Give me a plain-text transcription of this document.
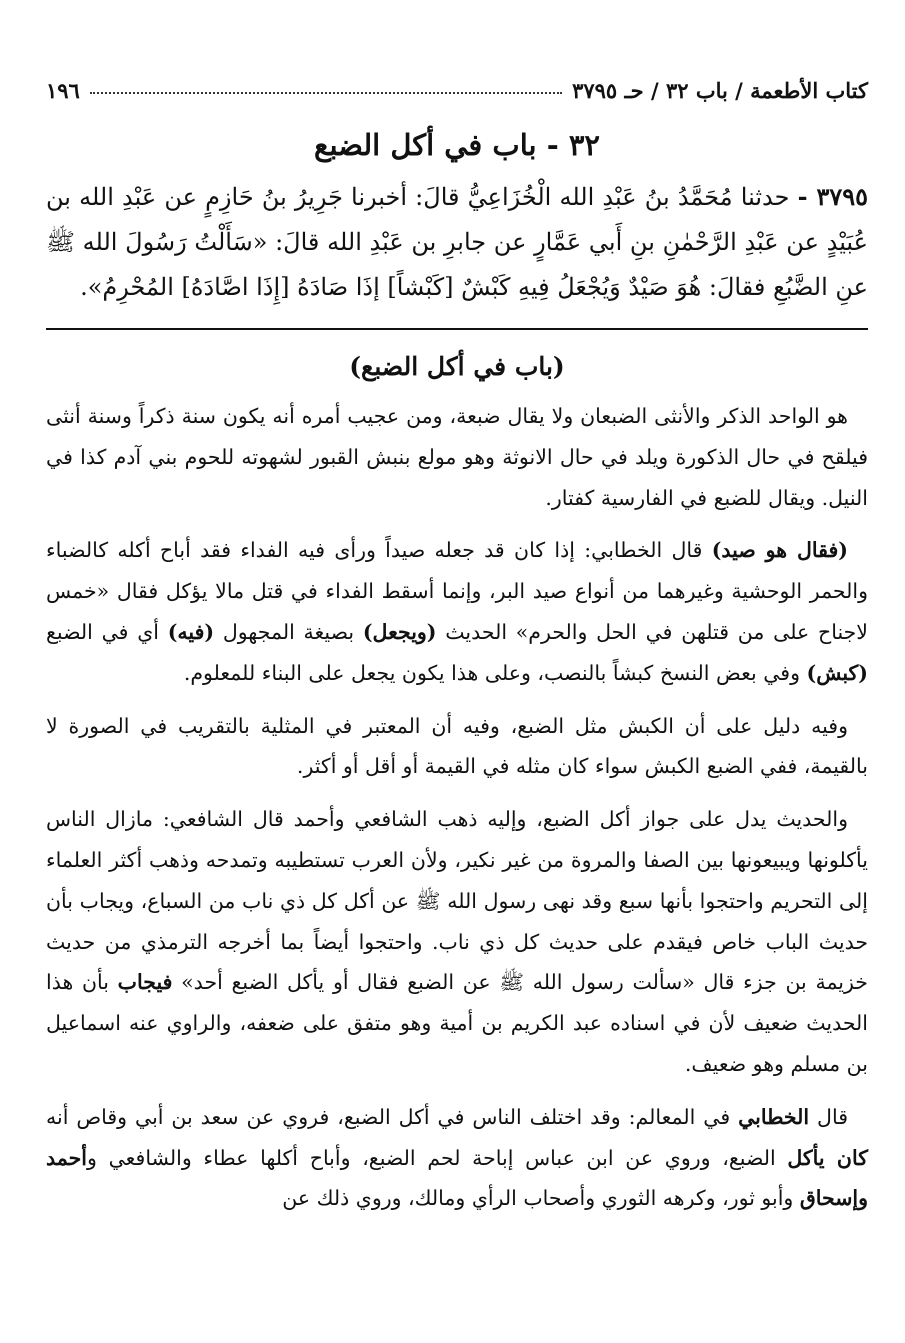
كتاب الأطعمة / باب ٣٢ / حـ ٣٧٩٥
١٩٦
٣٢ - باب في أكل الضبع

٣٧٩٥ - حدثنا مُحَمَّدُ بنُ عَبْدِ الله الْخُزَاعِيُّ قالَ: أخبرنا جَرِيرُ بنُ حَازِمٍ عن عَبْدِ الله بن عُبَيْدٍ عن عَبْدِ الرَّحْمٰنِ بنِ أَبي عَمَّارٍ عن جابرِ بن عَبْدِ الله قالَ: «سَأَلْتُ رَسُولَ الله ﷺ عنِ الضَّبُعِ فقالَ: هُوَ صَيْدٌ وَيُجْعَلُ فِيهِ كَبْشٌ [كَبْشاً] إذَا صَادَهُ [إِذَا اصَّادَهُ] المُحْرِمُ».

(باب في أكل الضبع)

هو الواحد الذكر والأنثى الضبعان ولا يقال ضبعة، ومن عجيب أمره أنه يكون سنة ذكراً وسنة أنثى فيلقح في حال الذكورة ويلد في حال الانوثة وهو مولع بنبش القبور لشهوته للحوم بني آدم كذا في النيل. ويقال للضبع في الفارسية كفتار.

(فقال هو صيد) قال الخطابي: إذا كان قد جعله صيداً ورأى فيه الفداء فقد أباح أكله كالضباء والحمر الوحشية وغيرهما من أنواع صيد البر، وإنما أسقط الفداء في قتل مالا يؤكل فقال «خمس لاجناح على من قتلهن في الحل والحرم» الحديث (ويجعل) بصيغة المجهول (فيه) أي في الضبع (كبش) وفي بعض النسخ كبشاً بالنصب، وعلى هذا يكون يجعل على البناء للمعلوم.

وفيه دليل على أن الكبش مثل الضبع، وفيه أن المعتبر في المثلية بالتقريب في الصورة لا بالقيمة، ففي الضبع الكبش سواء كان مثله في القيمة أو أقل أو أكثر.

والحديث يدل على جواز أكل الضبع، وإليه ذهب الشافعي وأحمد قال الشافعي: مازال الناس يأكلونها ويبيعونها بين الصفا والمروة من غير نكير، ولأن العرب تستطيبه وتمدحه وذهب أكثر العلماء إلى التحريم واحتجوا بأنها سبع وقد نهى رسول الله ﷺ عن أكل كل ذي ناب من السباع، ويجاب بأن حديث الباب خاص فيقدم على حديث كل ذي ناب. واحتجوا أيضاً بما أخرجه الترمذي من حديث خزيمة بن جزء قال «سألت رسول الله ﷺ عن الضبع فقال أو يأكل الضبع أحد» فيجاب بأن هذا الحديث ضعيف لأن في اسناده عبد الكريم بن أمية وهو متفق على ضعفه، والراوي عنه اسماعيل بن مسلم وهو ضعيف.

قال الخطابي في المعالم: وقد اختلف الناس في أكل الضبع، فروي عن سعد بن أبي وقاص أنه كان يأكل الضبع، وروي عن ابن عباس إباحة لحم الضبع، وأباح أكلها عطاء والشافعي وأحمد وإسحاق وأبو ثور، وكرهه الثوري وأصحاب الرأي ومالك، وروي ذلك عن
